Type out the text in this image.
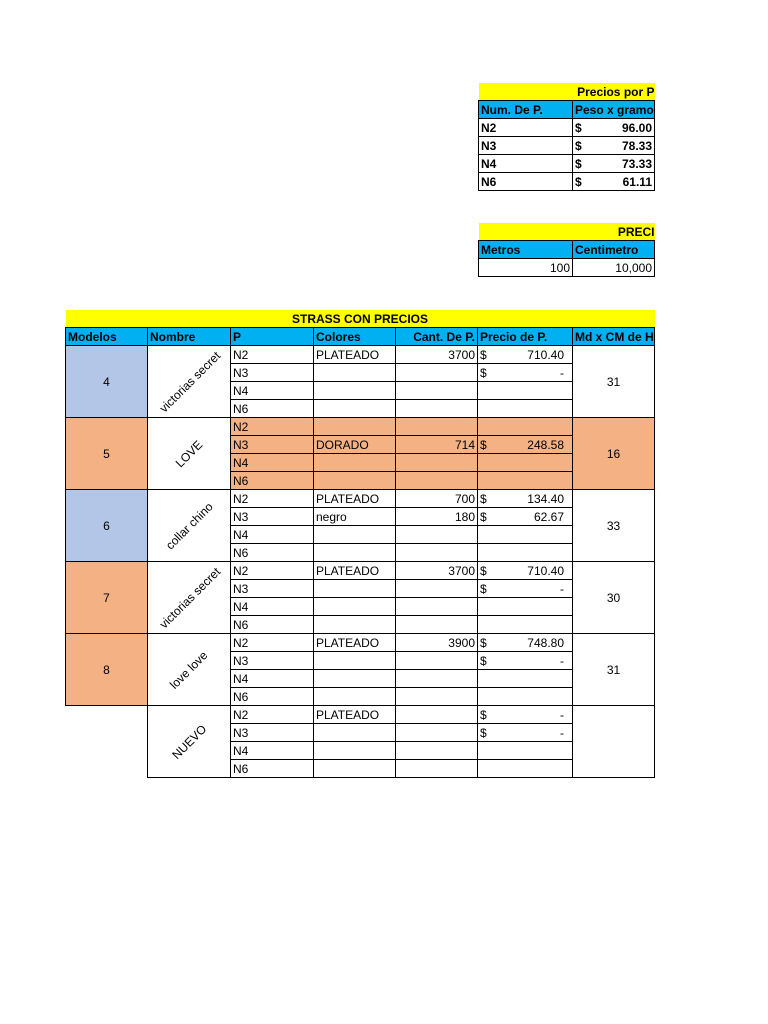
Precios por P	
Num. De P.	Peso x gramo
N2	$ 96.00

N3	$ 78.33

N4	$ 73.33

N6	$ 61.11
PRECI	
Metros	Centimetro
100	10,000
STRASS CON PRECIOS						
Modelos	Nombre	P	Colores	Cant. De P.	Precio de P.	Md x CM de H
4	victorias secret	N2	PLATEADO	3700	$ 710.40	31
		N3			$ -	

		N4				

		N6				

5	LOVE	N2				16
		N3	DORADO	714	$ 248.58	

		N4				

		N6				

6	collar chino	N2	PLATEADO	700	$ 134.40	33
		N3	negro	180	$ 62.67	

		N4				

		N6				

7	victorias secret	N2	PLATEADO	3700	$ 710.40	30
		N3			$ -	

		N4				

		N6				

8	love love	N2	PLATEADO	3900	$ 748.80	31
		N3			$ -	

		N4				

		N6				

	NUEVO	N2	PLATEADO		$ -	

		N3			$ -	

		N4				

		N6				
